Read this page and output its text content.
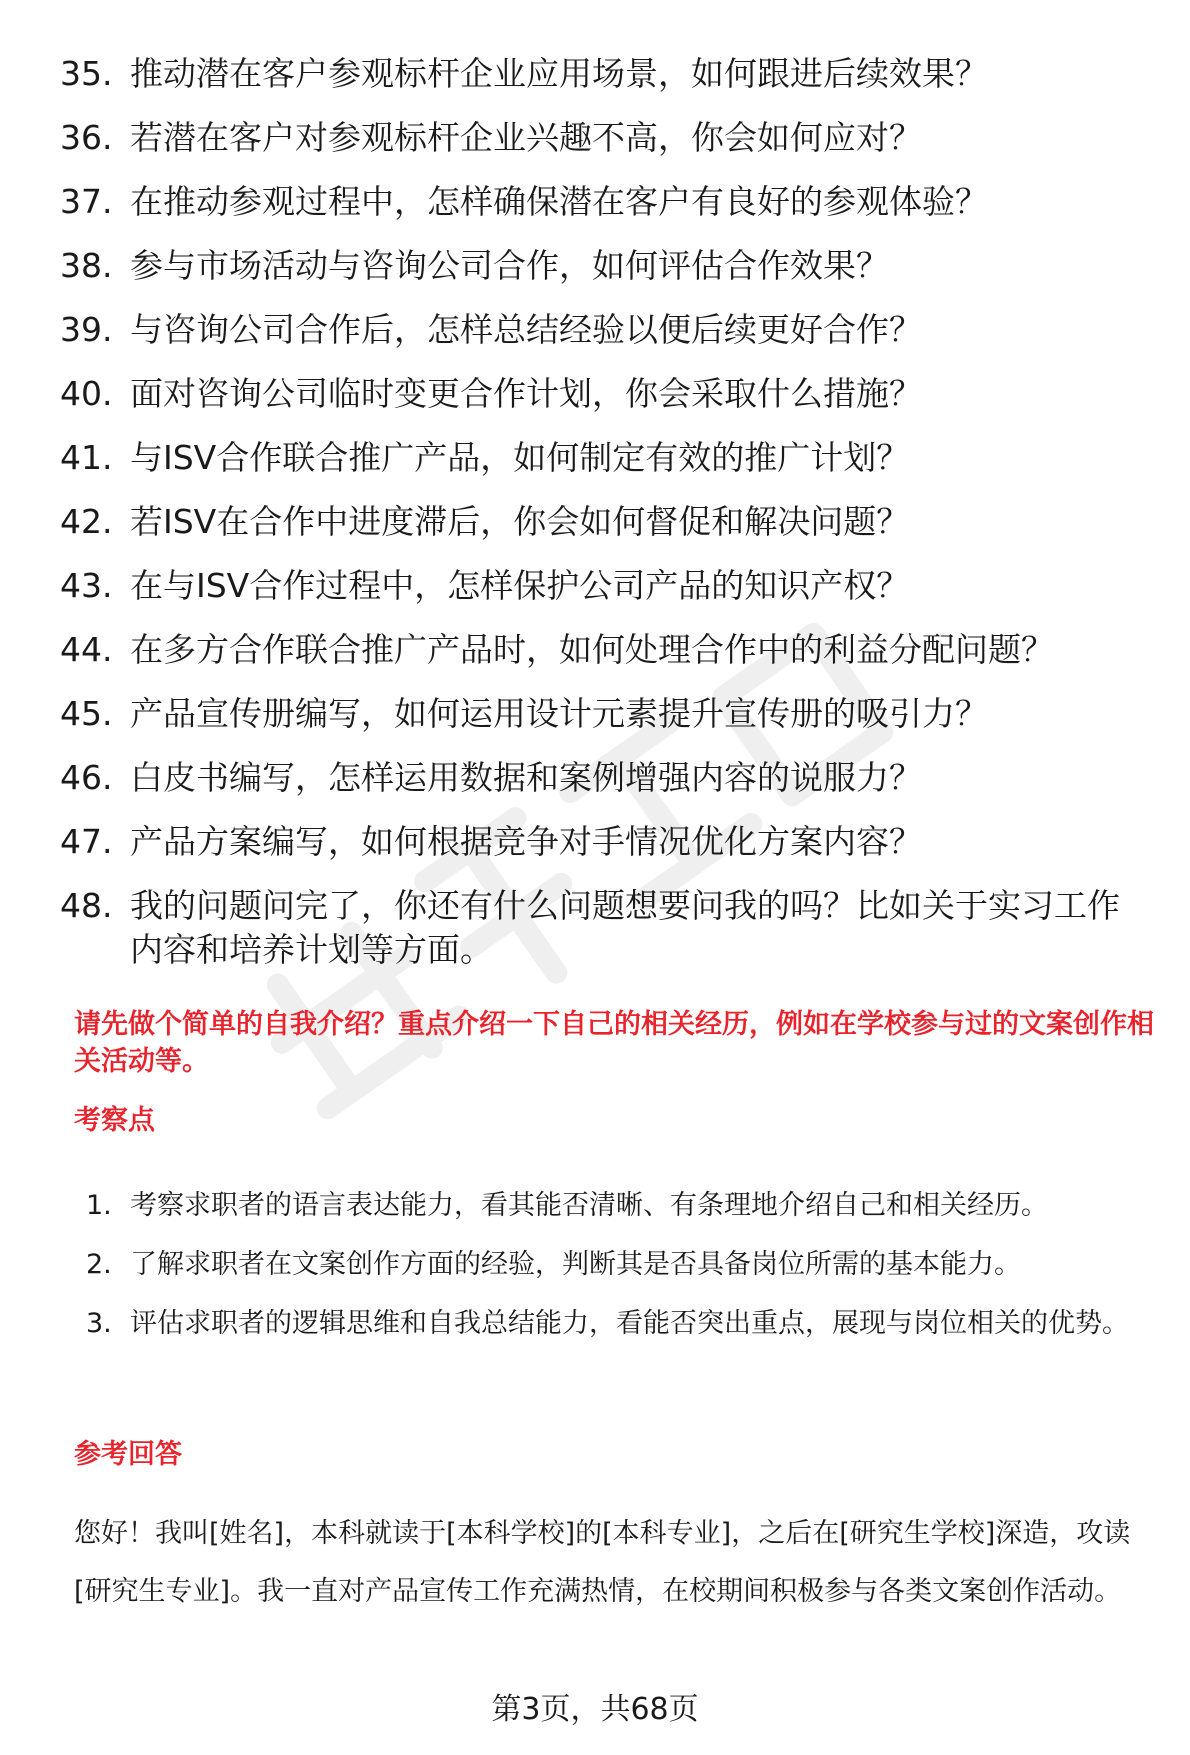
35. 推动潜在客户参观标杆企业应用场景，如何跟进后续效果？
36. 若潜在客户对参观标杆企业兴趣不高，你会如何应对？
37. 在推动参观过程中，怎样确保潜在客户有良好的参观体验？
38. 参与市场活动与咨询公司合作，如何评估合作效果？
39. 与咨询公司合作后，怎样总结经验以便后续更好合作？
40. 面对咨询公司临时变更合作计划，你会采取什么措施？
41. 与ISV合作联合推广产品，如何制定有效的推广计划？
42. 若ISV在合作中进度滞后，你会如何督促和解决问题？
43. 在与ISV合作过程中，怎样保护公司产品的知识产权？
44. 在多方合作联合推广产品时，如何处理合作中的利益分配问题？
45. 产品宣传册编写，如何运用设计元素提升宣传册的吸引力？
46. 白皮书编写，怎样运用数据和案例增强内容的说服力？
47. 产品方案编写，如何根据竞争对手情况优化方案内容？
48. 我的问题问完了，你还有什么问题想要问我的吗？比如关于实习工作内容和培养计划等方面。

请先做个简单的自我介绍？重点介绍一下自己的相关经历，例如在学校参与过的文案创作相关活动等。

考察点

1. 考察求职者的语言表达能力，看其能否清晰、有条理地介绍自己和相关经历。
2. 了解求职者在文案创作方面的经验，判断其是否具备岗位所需的基本能力。
3. 评估求职者的逻辑思维和自我总结能力，看能否突出重点，展现与岗位相关的优势。

参考回答

您好！我叫[姓名]，本科就读于[本科学校]的[本科专业]，之后在[研究生学校]深造，攻读[研究生专业]。我一直对产品宣传工作充满热情，在校期间积极参与各类文案创作活动。

第3页，共68页
